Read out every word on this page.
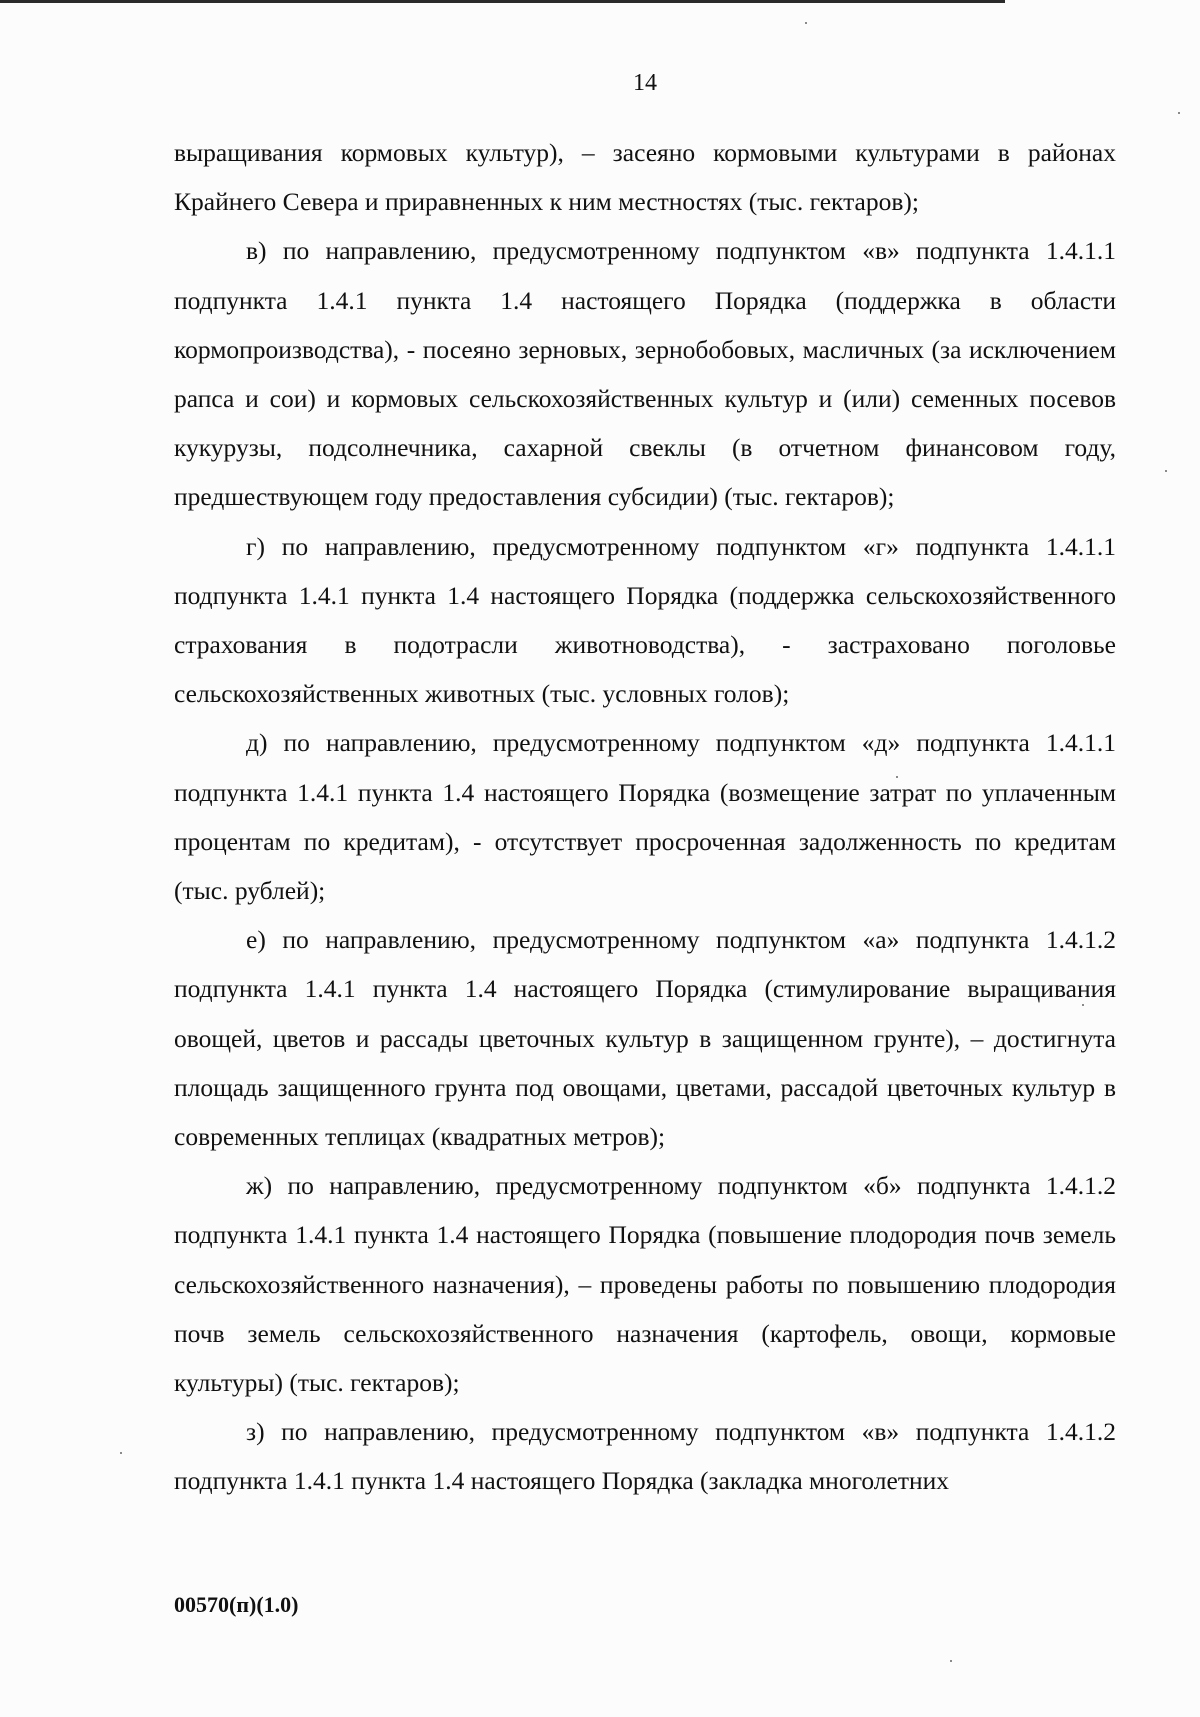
14

выращивания кормовых культур), – засеяно кормовыми культурами в районах Крайнего Севера и приравненных к ним местностях (тыс. гектаров);

в) по направлению, предусмотренному подпунктом «в» подпункта 1.4.1.1 подпункта 1.4.1 пункта 1.4 настоящего Порядка (поддержка в области кормопроизводства), - посеяно зерновых, зернобобовых, масличных (за исключением рапса и сои) и кормовых сельскохозяйственных культур и (или) семенных посевов кукурузы, подсолнечника, сахарной свеклы (в отчетном финансовом году, предшествующем году предоставления субсидии) (тыс. гектаров);

г) по направлению, предусмотренному подпунктом «г» подпункта 1.4.1.1 подпункта 1.4.1 пункта 1.4 настоящего Порядка (поддержка сельскохозяйственного страхования в подотрасли животноводства), - застраховано поголовье сельскохозяйственных животных (тыс. условных голов);

д) по направлению, предусмотренному подпунктом «д» подпункта 1.4.1.1 подпункта 1.4.1 пункта 1.4 настоящего Порядка (возмещение затрат по уплаченным процентам по кредитам), - отсутствует просроченная задолженность по кредитам (тыс. рублей);

е) по направлению, предусмотренному подпунктом «а» подпункта 1.4.1.2 подпункта 1.4.1 пункта 1.4 настоящего Порядка (стимулирование выращивания овощей, цветов и рассады цветочных культур в защищенном грунте), – достигнута площадь защищенного грунта под овощами, цветами, рассадой цветочных культур в современных теплицах (квадратных метров);

ж) по направлению, предусмотренному подпунктом «б» подпункта 1.4.1.2 подпункта 1.4.1 пункта 1.4 настоящего Порядка (повышение плодородия почв земель сельскохозяйственного назначения), – проведены работы по повышению плодородия почв земель сельскохозяйственного назначения (картофель, овощи, кормовые культуры) (тыс. гектаров);

з) по направлению, предусмотренному подпунктом «в» подпункта 1.4.1.2 подпункта 1.4.1 пункта 1.4 настоящего Порядка (закладка многолетних

00570(п)(1.0)
